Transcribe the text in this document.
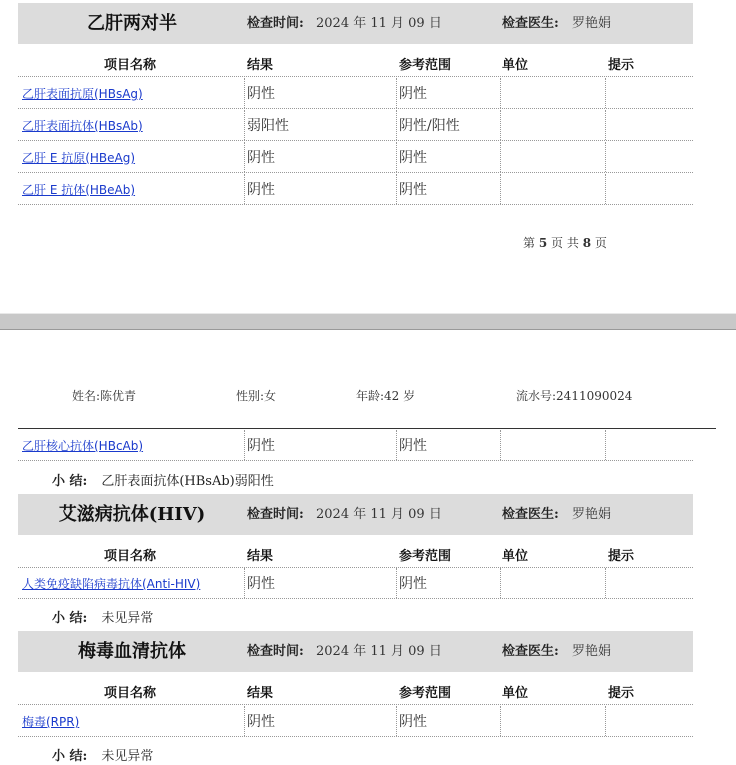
乙肝两对半	检查时间: 2024 年 11 月 09 日	检查医生: 罗艳娟
项目名称	结果	参考范围	单位	提示
乙肝表面抗原(HBsAg)	阴性	阴性
乙肝表面抗体(HBsAb)	弱阳性	阴性/阳性
乙肝 E 抗原(HBeAg)	阴性	阴性
乙肝 E 抗体(HBeAb)	阴性	阴性
第 5 页 共 8 页
姓名:陈优青	性别:女	年龄:42 岁	流水号:2411090024
乙肝核心抗体(HBcAb)	阴性	阴性
小 结: 乙肝表面抗体(HBsAb)弱阳性
艾滋病抗体(HIV)	检查时间: 2024 年 11 月 09 日	检查医生: 罗艳娟
项目名称	结果	参考范围	单位	提示
人类免疫缺陷病毒抗体(Anti-HIV)	阴性	阴性
小 结: 未见异常
梅毒血清抗体	检查时间: 2024 年 11 月 09 日	检查医生: 罗艳娟
项目名称	结果	参考范围	单位	提示
梅毒(RPR)	阴性	阴性
小 结: 未见异常
